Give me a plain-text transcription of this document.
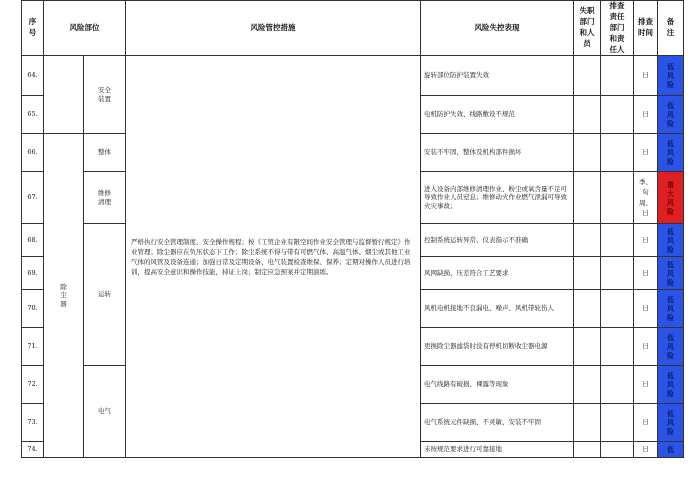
序号	风险部位		风险管控措施	风险失控表现	失职部门和人员	排查责任部门和责任人	排查时间	备注

64.		安全装置	严格执行安全管理制度、安全操作规程；按《工贸企业有限空间作业安全管理与监督暂行规定》作业管理；除尘器应在负压状态下工作；除尘系统不得与带有可燃气体、高温气体、烟尘或其他工业气体的风管及设备连通；加强日常及定期设备、电气装置检查维保、保养；定期对操作人员进行培训，提高安全意识和操作技能，持证上岗；制定应急预案并定期演练。	旋转部位防护装置失效			日	低风险

65.				电机防护失效、线路敷设不规范			日	低风险

66.	除尘器	整体		安装不牢固，整体及机构部件损坏			日	低风险

67.		维修清理		进入设备内部维修清理作业、粉尘或氧含量不足可导致作业人员窒息；维修动火作业燃气泄漏可导致火灾事故；			季、旬周、日	重大风险

68.		运转		控制系统运转异常、仪表指示不准确			日	低风险

69.				风网缺损、压差符合工艺要求			日	低风险

70.				风机电机接地不良漏电、噪声、风机带轮伤人			日	低风险

71.				更换除尘器滤袋时没有停机切断收尘器电源			日	低风险

72.		电气		电气线路有破损、裸露等现象			日	低风险

73.				电气系统元件缺损、不灵敏、安装不牢固			日	低风险

74.				未按规范要求进行可靠接地			日	低
